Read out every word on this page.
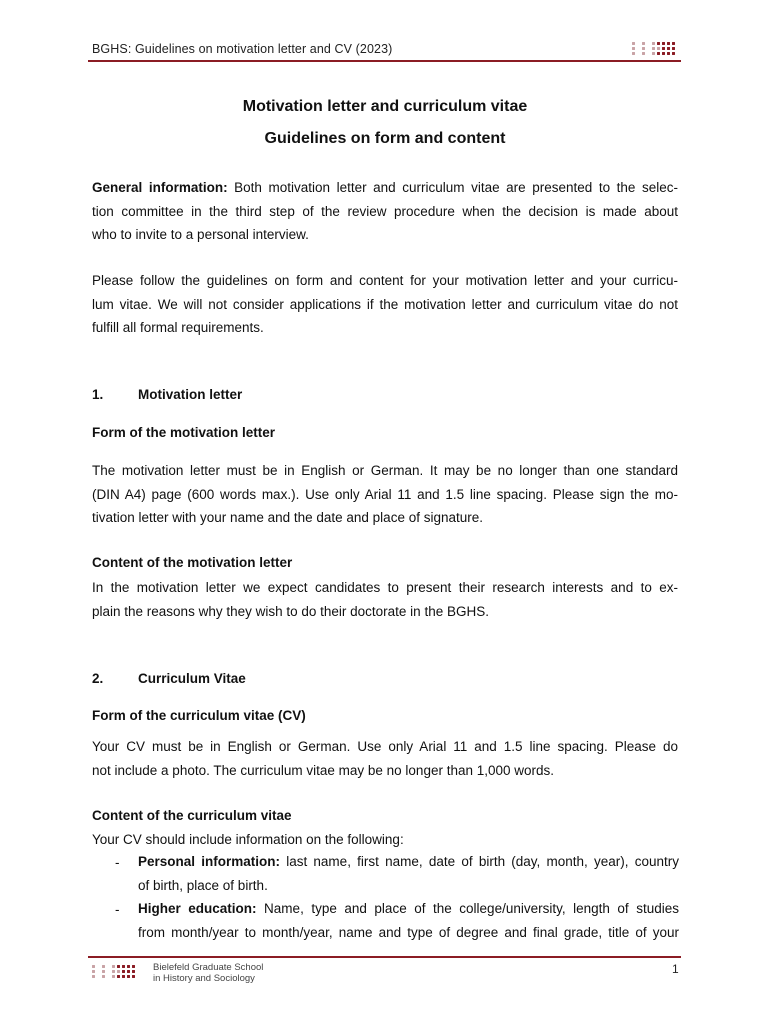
BGHS: Guidelines on motivation letter and CV (2023)
Motivation letter and curriculum vitae
Guidelines on form and content
General information: Both motivation letter and curriculum vitae are presented to the selec-
tion committee in the third step of the review procedure when the decision is made about
who to invite to a personal interview.
Please follow the guidelines on form and content for your motivation letter and your curricu-
lum vitae. We will not consider applications if the motivation letter and curriculum vitae do not
fulfill all formal requirements.
1.	Motivation letter
Form of the motivation letter
The motivation letter must be in English or German. It may be no longer than one standard
(DIN A4) page (600 words max.). Use only Arial 11 and 1.5 line spacing. Please sign the mo-
tivation letter with your name and the date and place of signature.
Content of the motivation letter
In the motivation letter we expect candidates to present their research interests and to ex-
plain the reasons why they wish to do their doctorate in the BGHS.
2.	Curriculum Vitae
Form of the curriculum vitae (CV)
Your CV must be in English or German. Use only Arial 11 and 1.5 line spacing. Please do
not include a photo. The curriculum vitae may be no longer than 1,000 words.
Content of the curriculum vitae
Your CV should include information on the following:
- Personal information: last name, first name, date of birth (day, month, year), country
of birth, place of birth.
- Higher education: Name, type and place of the college/university, length of studies
from month/year to month/year, name and type of degree and final grade, title of your
Bielefeld Graduate School
in History and Sociology
1
